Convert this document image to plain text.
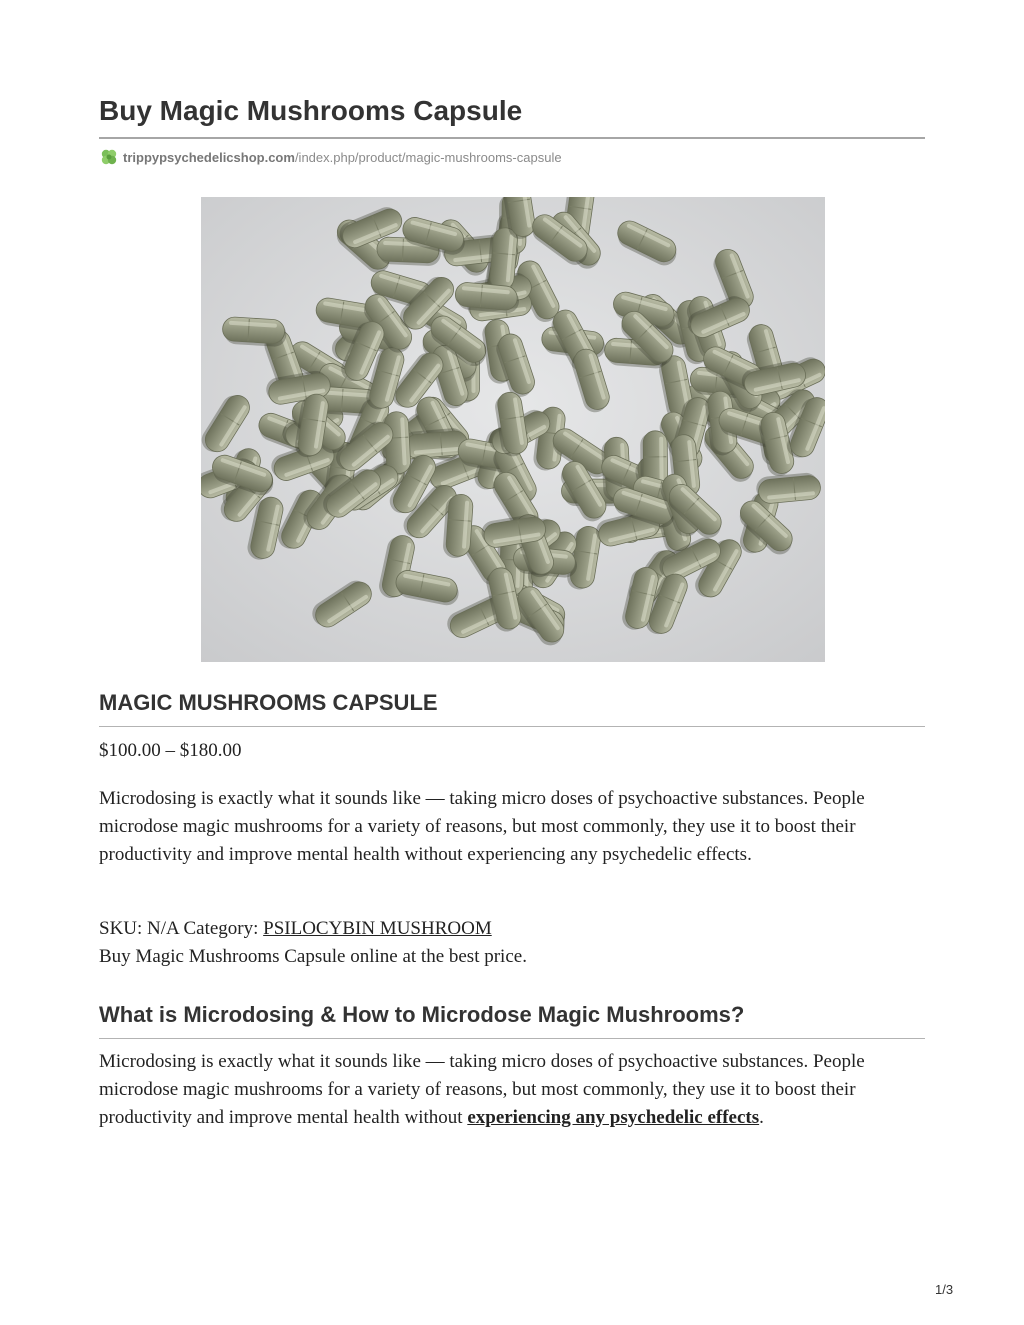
Buy Magic Mushrooms Capsule
trippypsychedelicshop.com /index.php/product/magic-mushrooms-capsule
MAGIC MUSHROOMS CAPSULE

$100.00 – $180.00

Microdosing is exactly what it sounds like — taking micro doses of psychoactive substances. People microdose magic mushrooms for a variety of reasons, but most commonly, they use it to boost their productivity and improve mental health without experiencing any psychedelic effects.

SKU: N/A Category: PSILOCYBIN MUSHROOM
Buy Magic Mushrooms Capsule online at the best price.

What is Microdosing & How to Microdose Magic Mushrooms?

Microdosing is exactly what it sounds like — taking micro doses of psychoactive substances. People microdose magic mushrooms for a variety of reasons, but most commonly, they use it to boost their productivity and improve mental health without experiencing any psychedelic effects.

1/3
